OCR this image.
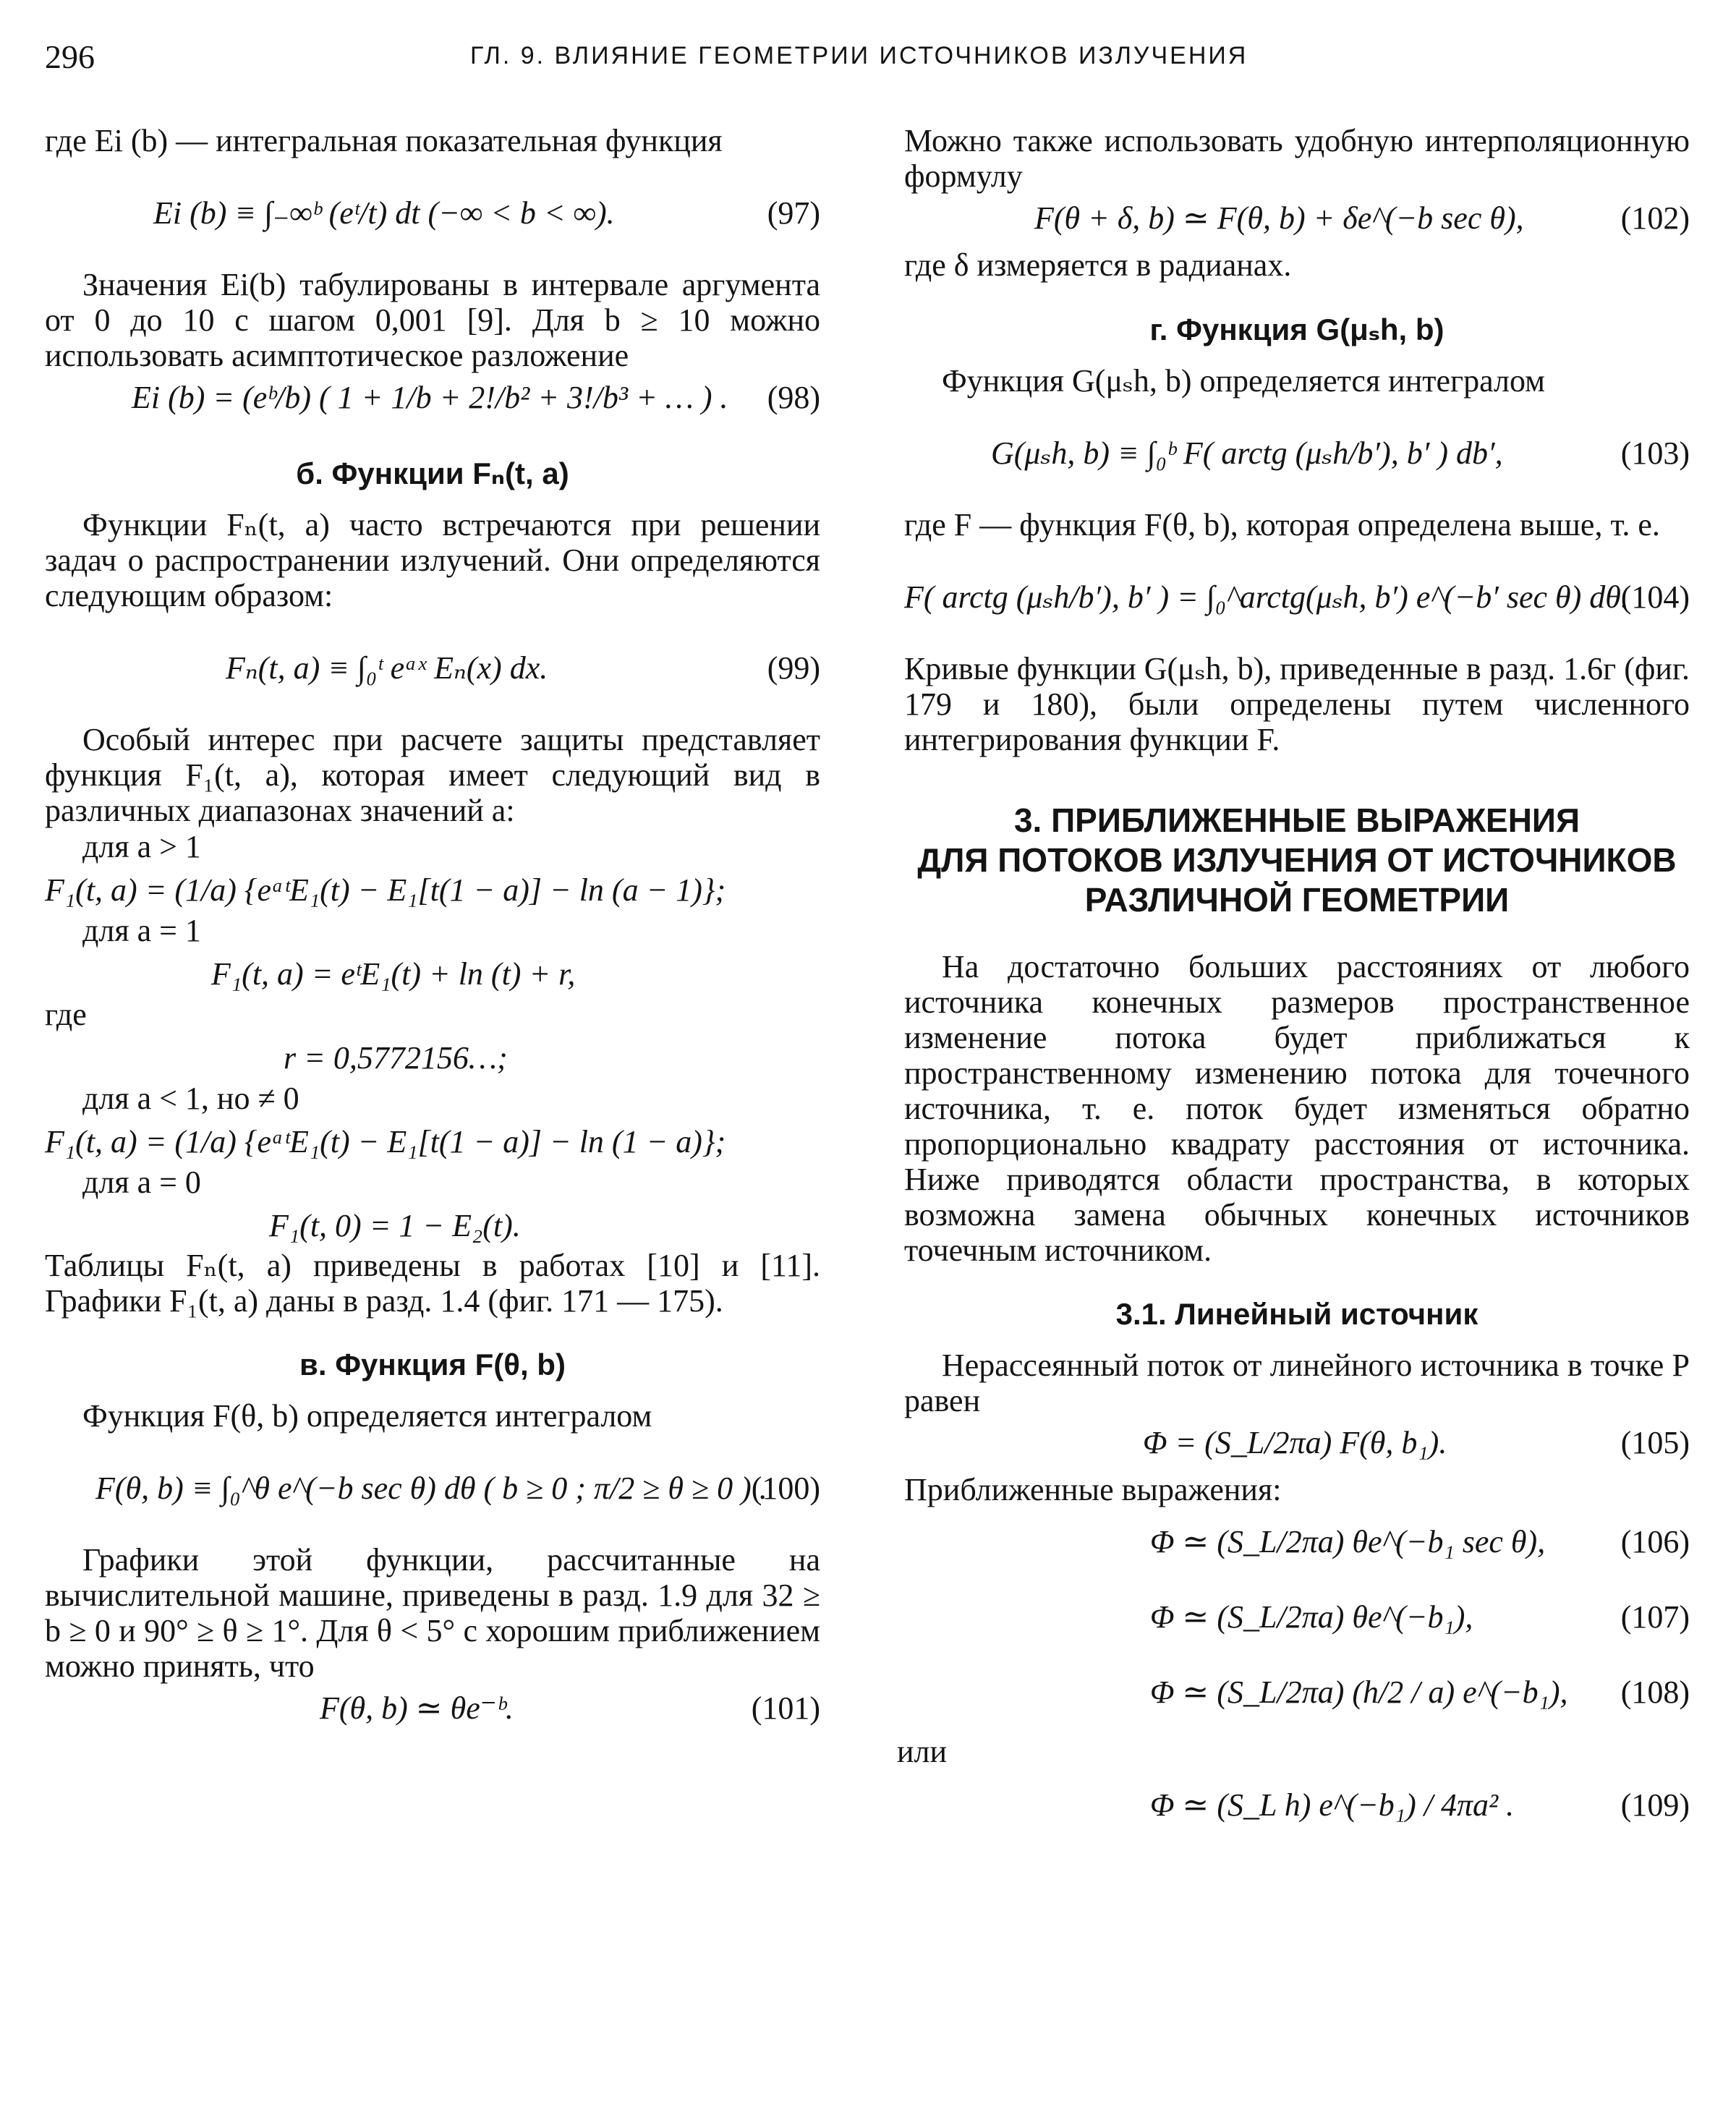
296	ГЛ. 9. ВЛИЯНИЕ ГЕОМЕТРИИ ИСТОЧНИКОВ ИЗЛУЧЕНИЯ

где Ei (b) — интегральная показательная функция

Ei (b) ≡ ∫₋∞ᵇ (eᵗ/t) dt (−∞ < b < ∞).	(97)

Значения Ei(b) табулированы в интервале аргумента от 0 до 10 с шагом 0,001 [9]. Для b ≥ 10 можно использовать асимптотическое разложение

Ei (b) = (eᵇ/b) ( 1 + 1/b + 2!/b² + 3!/b³ + … ) . (98)

б. Функции Fₙ(t, a)

Функции Fₙ(t, a) часто встречаются при решении задач о распространении излучений. Они определяются следующим образом:

Fₙ(t, a) ≡ ∫₀ᵗ eᵃˣ Eₙ(x) dx.	(99)

Особый интерес при расчете защиты представляет функция F₁(t, a), которая имеет следующий вид в различных диапазонах значений a:

для a > 1

F₁(t, a) = (1/a) {eᵃᵗE₁(t) − E₁[t(1 − a)] − ln (a − 1)};

для a = 1

F₁(t, a) = eᵗE₁(t) + ln (t) + r,

где

r = 0,5772156…;

для a < 1, но ≠ 0

F₁(t, a) = (1/a) {eᵃᵗE₁(t) − E₁[t(1 − a)] − ln (1 − a)};

для a = 0

F₁(t, 0) = 1 − E₂(t).

Таблицы Fₙ(t, a) приведены в работах [10] и [11]. Графики F₁(t, a) даны в разд. 1.4 (фиг. 171 — 175).

в. Функция F(θ, b)

Функция F(θ, b) определяется интегралом

F(θ, b) ≡ ∫₀^θ e^(−b sec θ) dθ ( b ≥ 0 ; π/2 ≥ θ ≥ 0 ) .
(100)

Графики этой функции, рассчитанные на вычислительной машине, приведены в разд. 1.9 для 32 ≥ b ≥ 0 и 90° ≥ θ ≥ 1°. Для θ < 5° с хорошим приближением можно принять, что

F(θ, b) ≃ θe⁻ᵇ.	(101)

Можно также использовать удобную интерполяционную формулу

F(θ + δ, b) ≃ F(θ, b) + δe^(−b sec θ),	(102)

где δ измеряется в радианах.

г. Функция G(μₛh, b)

Функция G(μₛh, b) определяется интегралом

G(μₛh, b) ≡ ∫₀ᵇ F( arctg (μₛh/b′), b′ ) db′,	(103)

где F — функция F(θ, b), которая определена выше, т. е.

F( arctg (μₛh/b′), b′ ) = ∫₀^arctg(μₛh, b′) e^(−b′ sec θ) dθ.
(104)

Кривые функции G(μₛh, b), приведенные в разд. 1.6г (фиг. 179 и 180), были определены путем численного интегрирования функции F.

3. ПРИБЛИЖЕННЫЕ ВЫРАЖЕНИЯ

ДЛЯ ПОТОКОВ ИЗЛУЧЕНИЯ ОТ ИСТОЧНИКОВ

РАЗЛИЧНОЙ ГЕОМЕТРИИ

На достаточно больших расстояниях от любого источника конечных размеров пространственное изменение потока будет приближаться к пространственному изменению потока для точечного источника, т. е. поток будет изменяться обратно пропорционально квадрату расстояния от источника. Ниже приводятся области пространства, в которых возможна замена обычных конечных источников точечным источником.

3.1. Линейный источник

Нерассеянный поток от линейного источника в точке P равен

Φ = (S_L/2πa) F(θ, b₁).	(105)

Приближенные выражения:

Φ ≃ (S_L/2πa) θe^(−b₁ sec θ), (106)
Φ ≃ (S_L/2πa) θe^(−b₁),	(107)
Φ ≃ (S_L/2πa) (h/2 / a) e^(−b₁), (108)

или

Φ ≃ (S_L h) e^(−b₁) / 4πa² .	(109)
